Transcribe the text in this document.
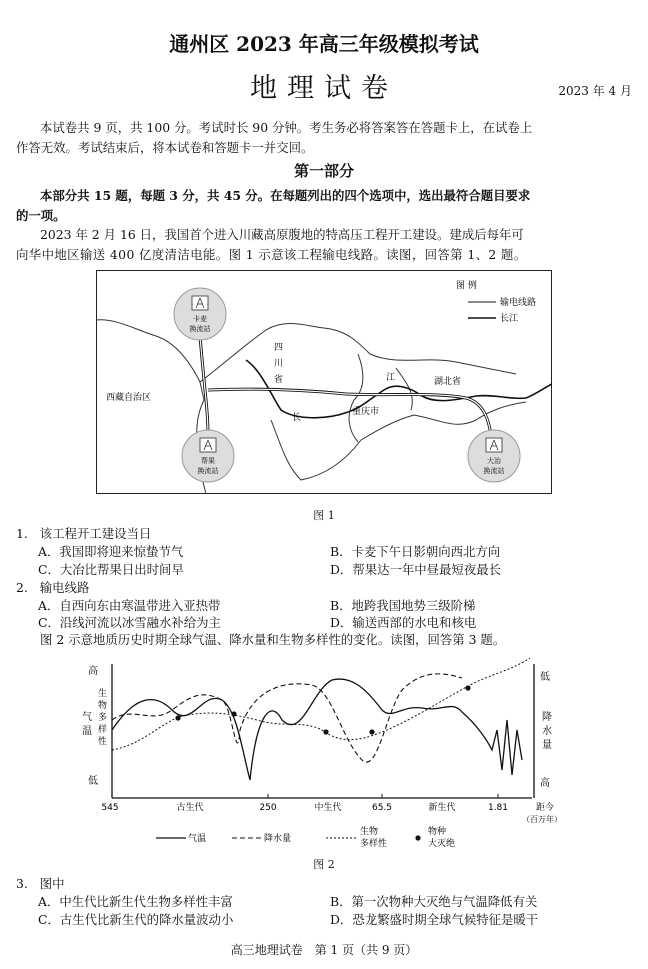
通州区 2023 年高三年级模拟考试
地理试卷	2023 年 4 月
本试卷共 9 页，共 100 分。考试时长 90 分钟。考生务必将答案答在答题卡上，在试卷上
作答无效。考试结束后，将本试卷和答题卡一并交回。
第一部分
本部分共 15 题，每题 3 分，共 45 分。在每题列出的四个选项中，选出最符合题目要求
的一项。
2023 年 2 月 16 日，我国首个进入川藏高原腹地的特高压工程开工建设。建成后每年可
向华中地区输送 400 亿度清洁电能。图 1 示意该工程输电线路。读图，回答第 1、2 题。
图 例
输电线路
长江
西藏自治区
四
川
省	江
长
湖北省
重庆市
卡麦
换流站
帮果
换流站
大冶
换流站
图 1
1. 该工程开工建设当日
A．我国即将迎来惊蛰节气	B．卡麦下午日影朝向西北方向
C．大冶比帮果日出时间早	D．帮果达一年中昼最短夜最长
2. 输电线路
A．自西向东由寒温带进入亚热带	B．地跨我国地势三级阶梯
C．沿线河流以冰雪融水补给为主	D．输送西部的水电和核电
图 2 示意地质历史时期全球气温、降水量和生物多样性的变化。读图，回答第 3 题。
高
低
气
温
生
物
多
样
性
低
高
降
水
量
545	250	65.5	1.81	距今
（百万年）
古生代	中生代	新生代
气温	降水量
生物
多样性
物种
大灭绝
图 2
3. 图中
A．中生代比新生代生物多样性丰富	B．第一次物种大灭绝与气温降低有关
C．古生代比新生代的降水量波动小	D．恐龙繁盛时期全球气候特征是暖干
高三地理试卷　第 1 页（共 9 页）
